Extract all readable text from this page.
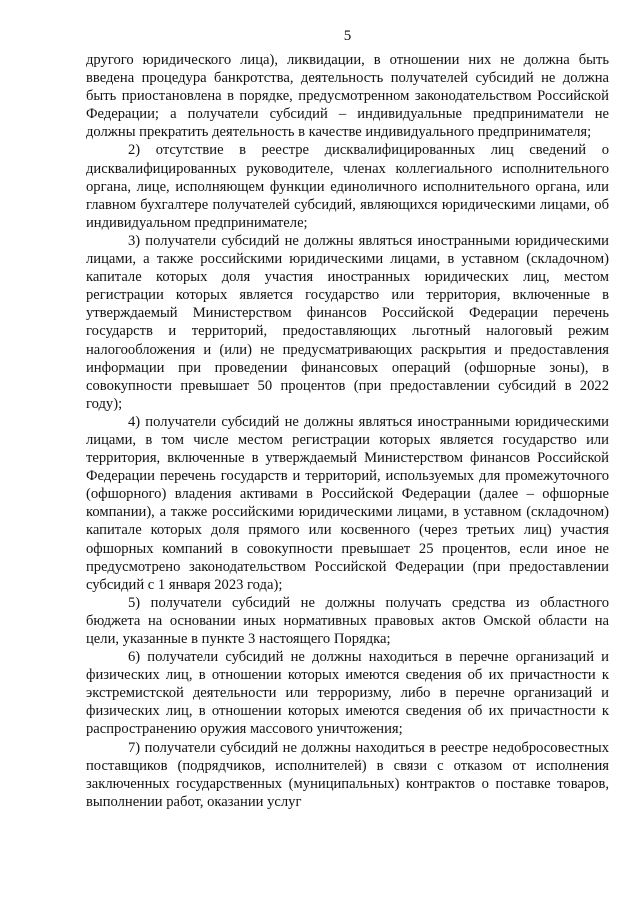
5

другого юридического лица), ликвидации, в отношении них не должна быть введена процедура банкротства, деятельность получателей субсидий не должна быть приостановлена в порядке, предусмотренном законодательством Российской Федерации; а получатели субсидий – индивидуальные предприниматели не должны прекратить деятельность в качестве индивидуального предпринимателя;

2) отсутствие в реестре дисквалифицированных лиц сведений о дисквалифицированных руководителе, членах коллегиального исполнительного органа, лице, исполняющем функции единоличного исполнительного органа, или главном бухгалтере получателей субсидий, являющихся юридическими лицами, об индивидуальном предпринимателе;

3) получатели субсидий не должны являться иностранными юридическими лицами, а также российскими юридическими лицами, в уставном (складочном) капитале которых доля участия иностранных юридических лиц, местом регистрации которых является государство или территория, включенные в утверждаемый Министерством финансов Российской Федерации перечень государств и территорий, предоставляющих льготный налоговый режим налогообложения и (или) не предусматривающих раскрытия и предоставления информации при проведении финансовых операций (офшорные зоны), в совокупности превышает 50 процентов (при предоставлении субсидий в 2022 году);

4) получатели субсидий не должны являться иностранными юридическими лицами, в том числе местом регистрации которых является государство или территория, включенные в утверждаемый Министерством финансов Российской Федерации перечень государств и территорий, используемых для промежуточного (офшорного) владения активами в Российской Федерации (далее – офшорные компании), а также российскими юридическими лицами, в уставном (складочном) капитале которых доля прямого или косвенного (через третьих лиц) участия офшорных компаний в совокупности превышает 25 процентов, если иное не предусмотрено законодательством Российской Федерации (при предоставлении субсидий с 1 января 2023 года);

5) получатели субсидий не должны получать средства из областного бюджета на основании иных нормативных правовых актов Омской области на цели, указанные в пункте 3 настоящего Порядка;

6) получатели субсидий не должны находиться в перечне организаций и физических лиц, в отношении которых имеются сведения об их причастности к экстремистской деятельности или терроризму, либо в перечне организаций и физических лиц, в отношении которых имеются сведения об их причастности к распространению оружия массового уничтожения;

7) получатели субсидий не должны находиться в реестре недобросовестных поставщиков (подрядчиков, исполнителей) в связи с отказом от исполнения заключенных государственных (муниципальных) контрактов о поставке товаров, выполнении работ, оказании услуг
